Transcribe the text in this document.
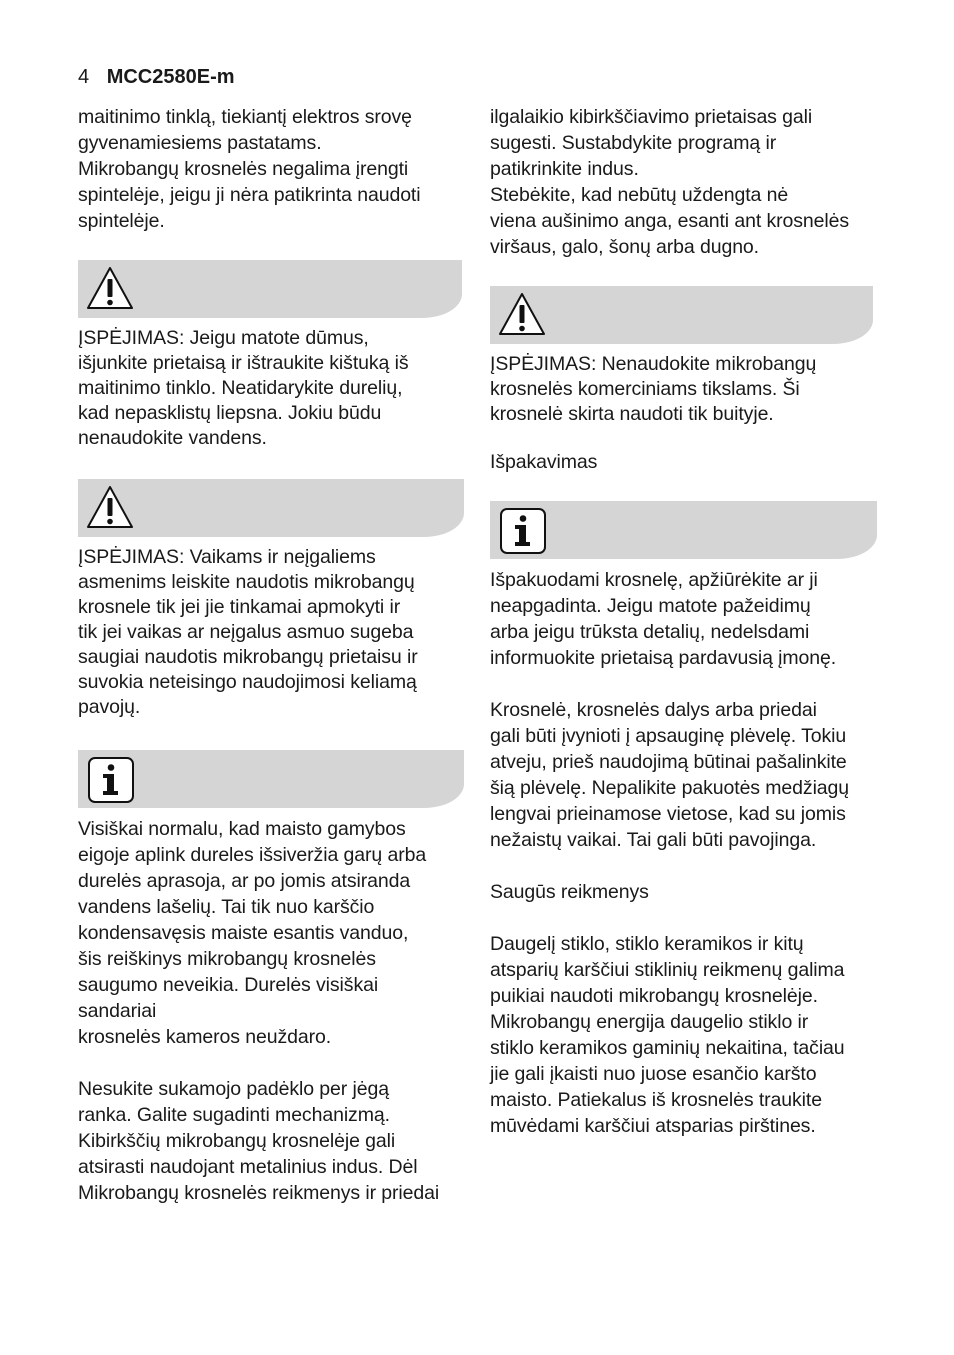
4 MCC2580E-m

maitinimo tinklą, tiekiantį elektros srovę
gyvenamiesiems pastatams.

Mikrobangų krosnelės negalima įrengti
spintelėje, jeigu ji nėra patikrinta naudoti
spintelėje.

ĮSPĖJIMAS: Jeigu matote dūmus,
išjunkite prietaisą ir ištraukite kištuką iš
maitinimo tinklo. Neatidarykite durelių,
kad nepasklistų liepsna. Jokiu būdu
nenaudokite vandens.

ĮSPĖJIMAS: Vaikams ir neįgaliems
asmenims leiskite naudotis mikrobangų
krosnele tik jei jie tinkamai apmokyti ir
tik jei vaikas ar neįgalus asmuo sugeba
saugiai naudotis mikrobangų prietaisu ir
suvokia neteisingo naudojimosi keliamą
pavojų.

Visiškai normalu, kad maisto gamybos
eigoje aplink dureles išsiveržia garų arba
durelės aprasoja, ar po jomis atsiranda
vandens lašelių. Tai tik nuo karščio
kondensavęsis maiste esantis vanduo,
šis reiškinys mikrobangų krosnelės
saugumo neveikia. Durelės visiškai
sandariai
krosnelės kameros neuždaro.

Nesukite sukamojo padėklo per jėgą
ranka. Galite sugadinti mechanizmą.
Kibirkščių mikrobangų krosnelėje gali
atsirasti naudojant metalinius indus. Dėl
Mikrobangų krosnelės reikmenys ir priedai

ilgalaikio kibirkščiavimo prietaisas gali
sugesti. Sustabdykite programą ir
patikrinkite indus.
Stebėkite, kad nebūtų uždengta nė
viena aušinimo anga, esanti ant krosnelės
viršaus, galo, šonų arba dugno.

ĮSPĖJIMAS: Nenaudokite mikrobangų
krosnelės komerciniams tikslams. Ši
krosnelė skirta naudoti tik buityje.

Išpakavimas

Išpakuodami krosnelę, apžiūrėkite ar ji
neapgadinta. Jeigu matote pažeidimų
arba jeigu trūksta detalių, nedelsdami
informuokite prietaisą pardavusią įmonę.

Krosnelė, krosnelės dalys arba priedai
gali būti įvynioti į apsauginę plėvelę. Tokiu
atveju, prieš naudojimą būtinai pašalinkite
šią plėvelę. Nepalikite pakuotės medžiagų
lengvai prieinamose vietose, kad su jomis
nežaistų vaikai. Tai gali būti pavojinga.

Saugūs reikmenys

Daugelį stiklo, stiklo keramikos ir kitų
atsparių karščiui stiklinių reikmenų galima
puikiai naudoti mikrobangų krosnelėje.
Mikrobangų energija daugelio stiklo ir
stiklo keramikos gaminių nekaitina, tačiau
jie gali įkaisti nuo juose esančio karšto
maisto. Patiekalus iš krosnelės traukite
mūvėdami karščiui atsparias pirštines.
